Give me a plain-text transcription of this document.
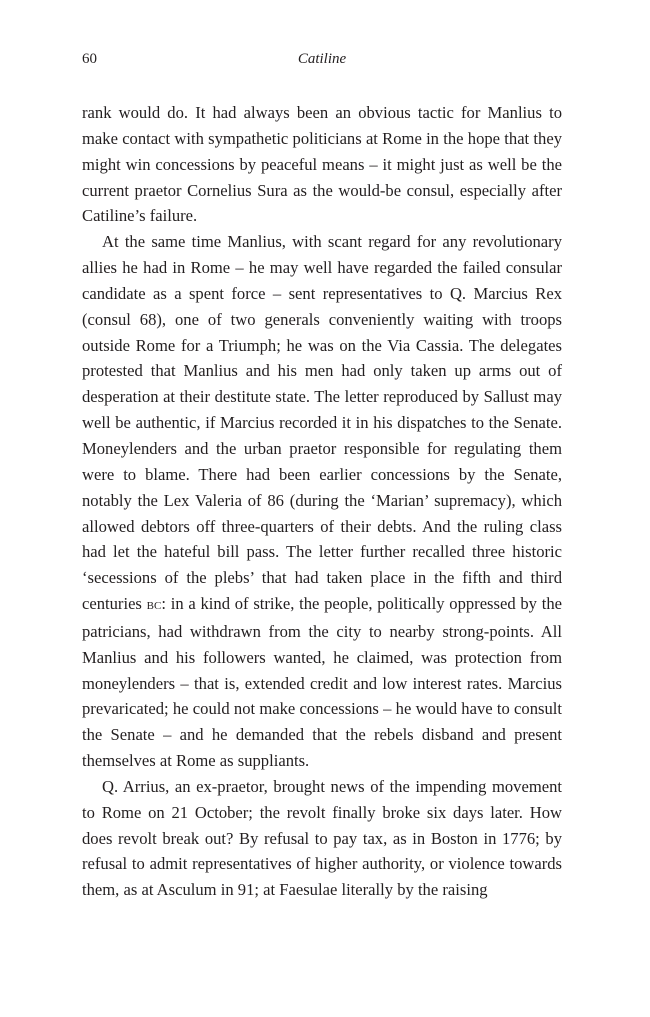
60	Catiline

rank would do. It had always been an obvious tactic for Manlius to make contact with sympathetic politicians at Rome in the hope that they might win concessions by peaceful means – it might just as well be the current praetor Cornelius Sura as the would-be consul, especially after Catiline’s failure.

At the same time Manlius, with scant regard for any revolutionary allies he had in Rome – he may well have regarded the failed consular candidate as a spent force – sent representatives to Q. Marcius Rex (consul 68), one of two generals conveniently waiting with troops outside Rome for a Triumph; he was on the Via Cassia. The delegates protested that Manlius and his men had only taken up arms out of desperation at their destitute state. The letter reproduced by Sallust may well be authentic, if Marcius recorded it in his dispatches to the Senate. Moneylenders and the urban praetor responsible for regulating them were to blame. There had been earlier concessions by the Senate, notably the Lex Valeria of 86 (during the ‘Marian’ supremacy), which allowed debtors off three-quarters of their debts. And the ruling class had let the hateful bill pass. The letter further recalled three historic ‘secessions of the plebs’ that had taken place in the fifth and third centuries bc: in a kind of strike, the people, politically oppressed by the patricians, had withdrawn from the city to nearby strong-points. All Manlius and his followers wanted, he claimed, was protection from moneylenders – that is, extended credit and low interest rates. Marcius prevaricated; he could not make concessions – he would have to consult the Senate – and he demanded that the rebels disband and present themselves at Rome as suppliants.

Q. Arrius, an ex-praetor, brought news of the impending movement to Rome on 21 October; the revolt finally broke six days later. How does revolt break out? By refusal to pay tax, as in Boston in 1776; by refusal to admit representatives of higher authority, or violence towards them, as at Asculum in 91; at Faesulae literally by the raising
